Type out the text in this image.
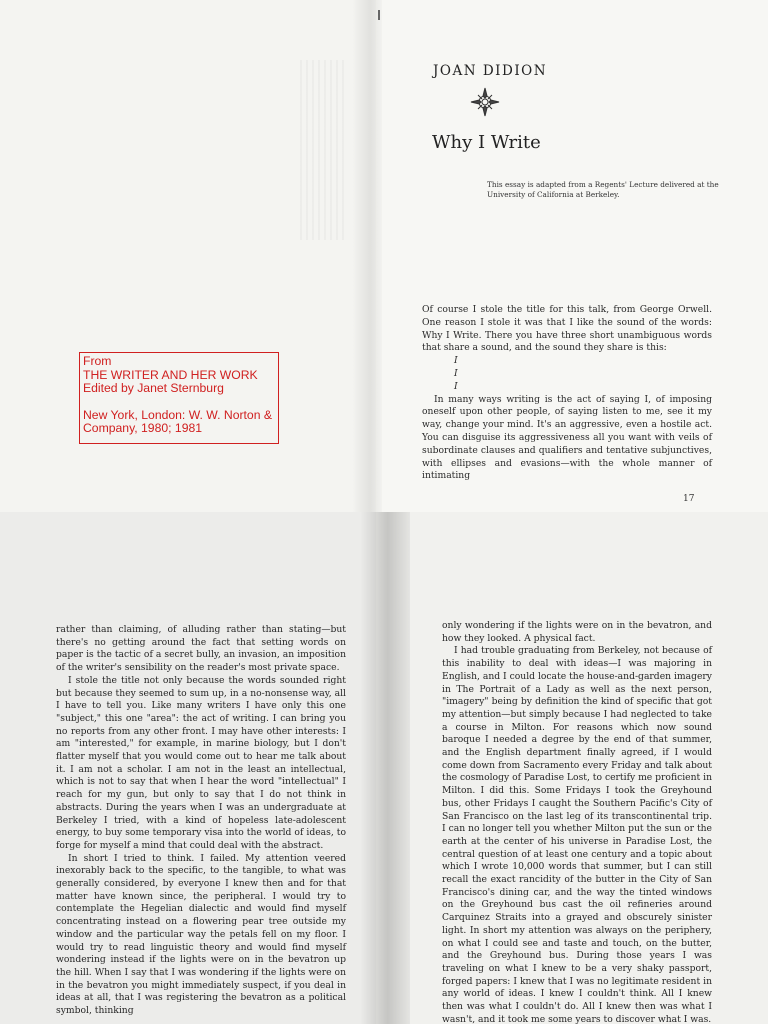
From
THE WRITER AND HER WORK
Edited by Janet Sternburg
New York, London: W. W. Norton &
Company, 1980; 1981
JOAN DIDION
Why I Write
This essay is adapted from a Regents' Lecture delivered at the University of California at Berkeley.

Of course I stole the title for this talk, from George Orwell. One reason I stole it was that I like the sound of the words: Why I Write. There you have three short unambiguous words that share a sound, and the sound they share is this:

I

I

I

In many ways writing is the act of saying I, of imposing oneself upon other people, of saying listen to me, see it my way, change your mind. It's an aggressive, even a hostile act. You can disguise its aggressiveness all you want with veils of subordinate clauses and qualifiers and tentative subjunctives, with ellipses and evasions—with the whole manner of intimating

17

rather than claiming, of alluding rather than stating—but there's no getting around the fact that setting words on paper is the tactic of a secret bully, an invasion, an imposition of the writer's sensibility on the reader's most private space.

I stole the title not only because the words sounded right but because they seemed to sum up, in a no-nonsense way, all I have to tell you. Like many writers I have only this one "subject," this one "area": the act of writing. I can bring you no reports from any other front. I may have other interests: I am "interested," for example, in marine biology, but I don't flatter myself that you would come out to hear me talk about it. I am not a scholar. I am not in the least an intellectual, which is not to say that when I hear the word "intellectual" I reach for my gun, but only to say that I do not think in abstracts. During the years when I was an undergraduate at Berkeley I tried, with a kind of hopeless late-adolescent energy, to buy some temporary visa into the world of ideas, to forge for myself a mind that could deal with the abstract.

In short I tried to think. I failed. My attention veered inexorably back to the specific, to the tangible, to what was generally considered, by everyone I knew then and for that matter have known since, the peripheral. I would try to contemplate the Hegelian dialectic and would find myself concentrating instead on a flowering pear tree outside my window and the particular way the petals fell on my floor. I would try to read linguistic theory and would find myself wondering instead if the lights were on in the bevatron up the hill. When I say that I was wondering if the lights were on in the bevatron you might immediately suspect, if you deal in ideas at all, that I was registering the bevatron as a political symbol, thinking

only wondering if the lights were on in the bevatron, and how they looked. A physical fact.

I had trouble graduating from Berkeley, not because of this inability to deal with ideas—I was majoring in English, and I could locate the house-and-garden imagery in The Portrait of a Lady as well as the next person, "imagery" being by definition the kind of specific that got my attention—but simply because I had neglected to take a course in Milton. For reasons which now sound baroque I needed a degree by the end of that summer, and the English department finally agreed, if I would come down from Sacramento every Friday and talk about the cosmology of Paradise Lost, to certify me proficient in Milton. I did this. Some Fridays I took the Greyhound bus, other Fridays I caught the Southern Pacific's City of San Francisco on the last leg of its transcontinental trip. I can no longer tell you whether Milton put the sun or the earth at the center of his universe in Paradise Lost, the central question of at least one century and a topic about which I wrote 10,000 words that summer, but I can still recall the exact rancidity of the butter in the City of San Francisco's dining car, and the way the tinted windows on the Greyhound bus cast the oil refineries around Carquinez Straits into a grayed and obscurely sinister light. In short my attention was always on the periphery, on what I could see and taste and touch, on the butter, and the Greyhound bus. During those years I was traveling on what I knew to be a very shaky passport, forged papers: I knew that I was no legitimate resident in any world of ideas. I knew I couldn't think. All I knew then was what I couldn't do. All I knew then was what I wasn't, and it took me some years to discover what I was.
